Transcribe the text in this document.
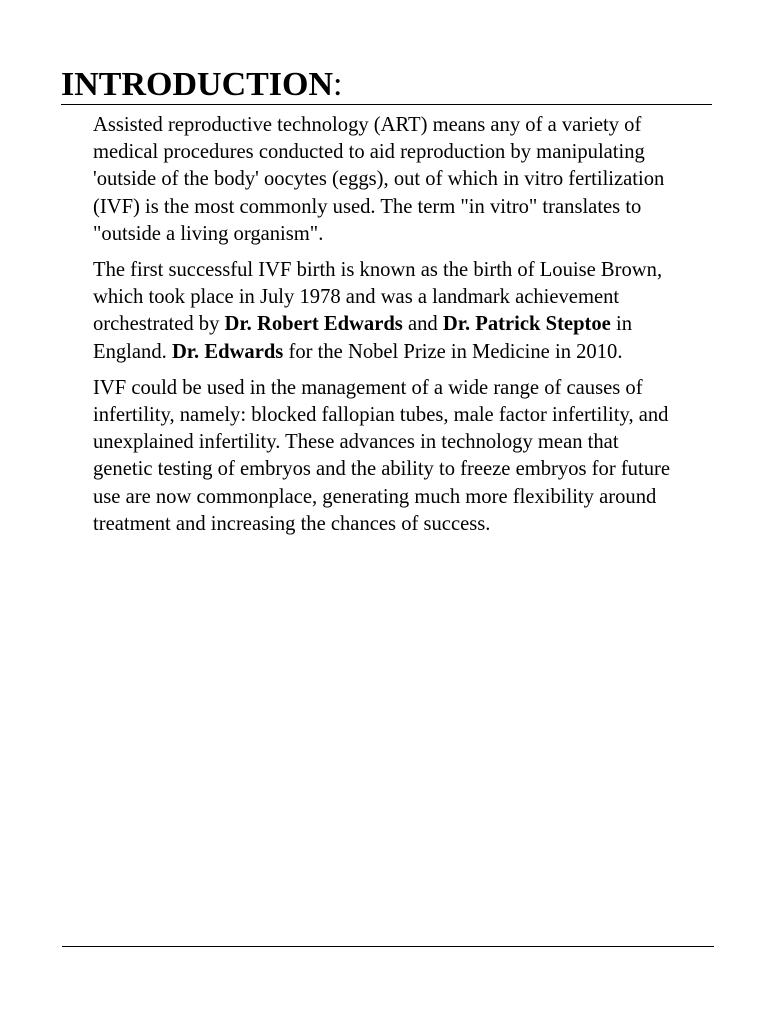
INTRODUCTION:

Assisted reproductive technology (ART) means any of a variety of medical procedures conducted to aid reproduction by manipulating 'outside of the body' oocytes (eggs), out of which in vitro fertilization (IVF) is the most commonly used. The term "in vitro" translates to "outside a living organism".

The first successful IVF birth is known as the birth of Louise Brown, which took place in July 1978 and was a landmark achievement orchestrated by Dr. Robert Edwards and Dr. Patrick Steptoe in England. Dr. Edwards for the Nobel Prize in Medicine in 2010.

IVF could be used in the management of a wide range of causes of infertility, namely: blocked fallopian tubes, male factor infertility, and unexplained infertility. These advances in technology mean that genetic testing of embryos and the ability to freeze embryos for future use are now commonplace, generating much more flexibility around treatment and increasing the chances of success.
